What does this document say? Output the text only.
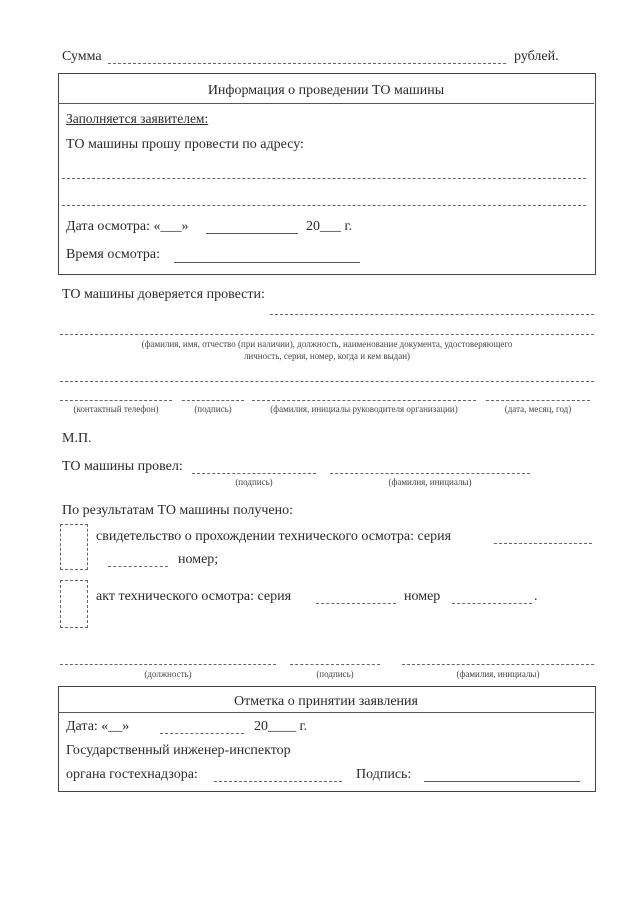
Сумма	рублей.
Информация о проведении ТО машины
Заполняется заявителем:
ТО машины прошу провести по адресу:
Дата осмотра: «___»	20___ г.
Время осмотра:
ТО машины доверяется провести:
(фамилия, имя, отчество (при наличии), должность, наименование документа, удостоверяющего
личность, серия, номер, когда и кем выдан)
(контактный телефон)	(подпись)	(фамилия, инициалы руководителя организации)	(дата, месяц, год)
М.П.
ТО машины провел:
(подпись)	(фамилия, инициалы)
По результатам ТО машины получено:
свидетельство о прохождении технического осмотра: серия
номер;
акт технического осмотра: серия	номер	.
(должность)	(подпись)	(фамилия, инициалы)
Отметка о принятии заявления
Дата: «__»	20____ г.
Государственный инженер-инспектор
органа гостехнадзора:	Подпись:
